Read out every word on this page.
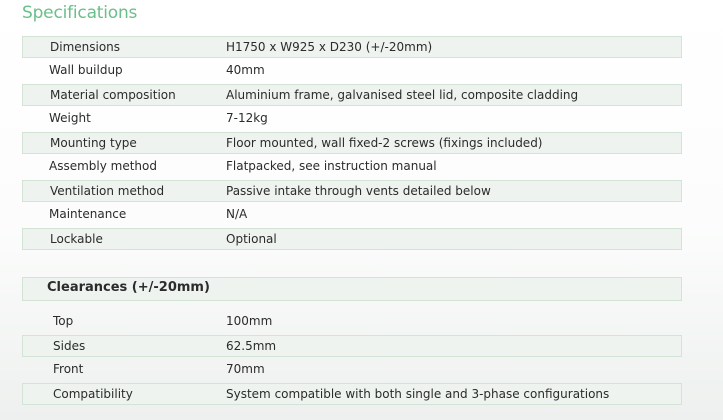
Specifications
Dimensions	H1750 x W925 x D230 (+/-20mm)
Wall buildup	40mm
Material composition	Aluminium frame, galvanised steel lid, composite cladding
Weight	7-12kg
Mounting type	Floor mounted, wall fixed-2 screws (fixings included)
Assembly method	Flatpacked, see instruction manual
Ventilation method	Passive intake through vents detailed below
Maintenance	N/A
Lockable	Optional
Clearances (+/-20mm)
Top	100mm
Sides	62.5mm
Front	70mm
Compatibility	System compatible with both single and 3-phase configurations
